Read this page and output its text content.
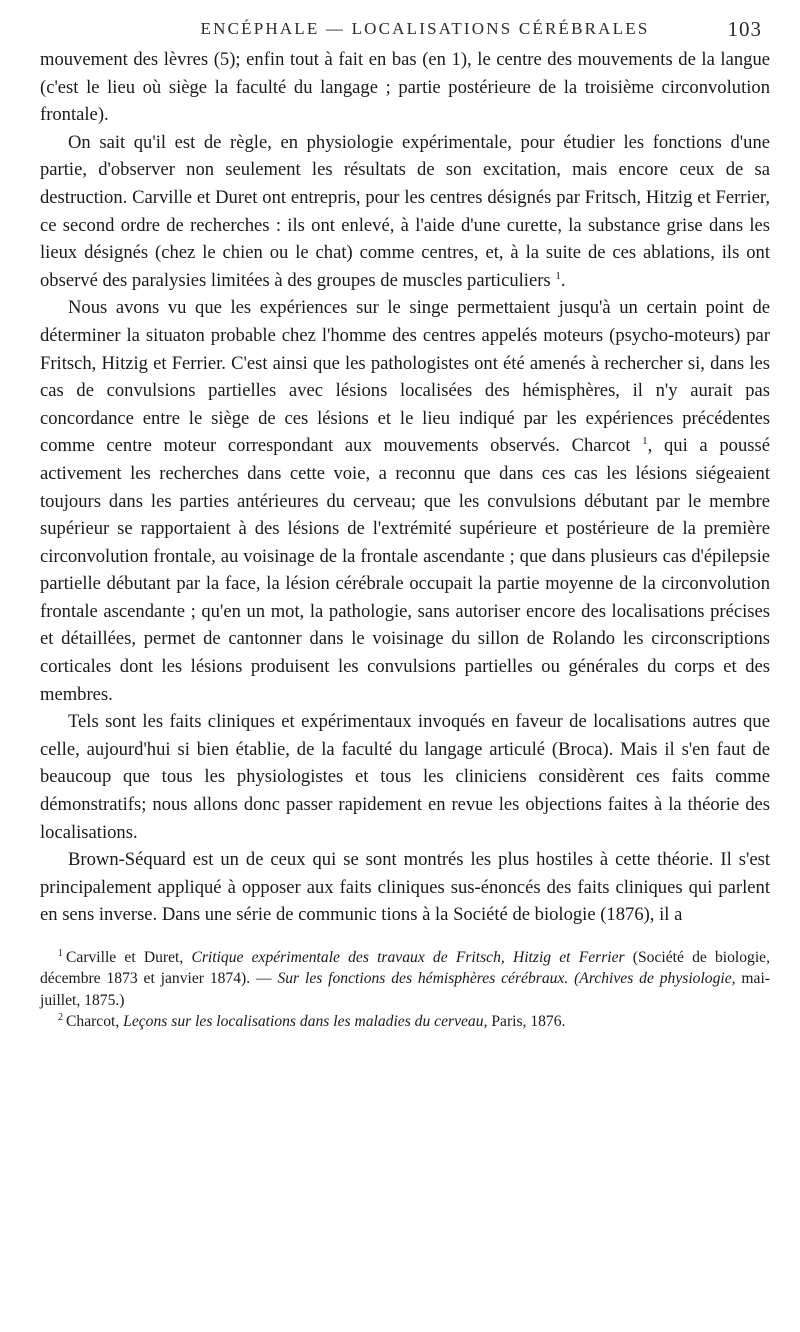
ENCÉPHALE — LOCALISATIONS CÉRÉBRALES	103

mouvement des lèvres (5); enfin tout à fait en bas (en 1), le centre des mouvements de la langue (c'est le lieu où siège la faculté du langage ; partie postérieure de la troisième circonvolution frontale).

On sait qu'il est de règle, en physiologie expérimentale, pour étudier les fonctions d'une partie, d'observer non seulement les résultats de son excitation, mais encore ceux de sa destruction. Carville et Duret ont entrepris, pour les centres désignés par Fritsch, Hitzig et Ferrier, ce second ordre de recherches : ils ont enlevé, à l'aide d'une curette, la substance grise dans les lieux désignés (chez le chien ou le chat) comme centres, et, à la suite de ces ablations, ils ont observé des paralysies limitées à des groupes de muscles particuliers $^1$.

Nous avons vu que les expériences sur le singe permettaient jusqu'à un certain point de déterminer la situaton probable chez l'homme des centres appelés moteurs (psycho-moteurs) par Fritsch, Hitzig et Ferrier. C'est ainsi que les pathologistes ont été amenés à rechercher si, dans les cas de convulsions partielles avec lésions localisées des hémisphères, il n'y aurait pas concordance entre le siège de ces lésions et le lieu indiqué par les expériences précédentes comme centre moteur correspondant aux mouvements observés. Charcot $^1$, qui a poussé activement les recherches dans cette voie, a reconnu que dans ces cas les lésions siégeaient toujours dans les parties antérieures du cerveau; que les convulsions débutant par le membre supérieur se rapportaient à des lésions de l'extrémité supérieure et postérieure de la première circonvolution frontale, au voisinage de la frontale ascendante ; que dans plusieurs cas d'épilepsie partielle débutant par la face, la lésion cérébrale occupait la partie moyenne de la circonvolution frontale ascendante ; qu'en un mot, la pathologie, sans autoriser encore des localisations précises et détaillées, permet de cantonner dans le voisinage du sillon de Rolando les circonscriptions corticales dont les lésions produisent les convulsions partielles ou générales du corps et des membres.

Tels sont les faits cliniques et expérimentaux invoqués en faveur de localisations autres que celle, aujourd'hui si bien établie, de la faculté du langage articulé (Broca). Mais il s'en faut de beaucoup que tous les physiologistes et tous les cliniciens considèrent ces faits comme démonstratifs; nous allons donc passer rapidement en revue les objections faites à la théorie des localisations.

Brown-Séquard est un de ceux qui se sont montrés les plus hostiles à cette théorie. Il s'est principalement appliqué à opposer aux faits cliniques sus-énoncés des faits cliniques qui parlent en sens inverse. Dans une série de communic tions à la Société de biologie (1876), il a

$^1$ Carville et Duret, Critique expérimentale des travaux de Fritsch, Hitzig et Ferrier (Société de biologie, décembre 1873 et janvier 1874). — Sur les fonctions des hémisphères cérébraux. (Archives de physiologie, mai-juillet, 1875.)

$^2$ Charcot, Leçons sur les localisations dans les maladies du cerveau, Paris, 1876.
